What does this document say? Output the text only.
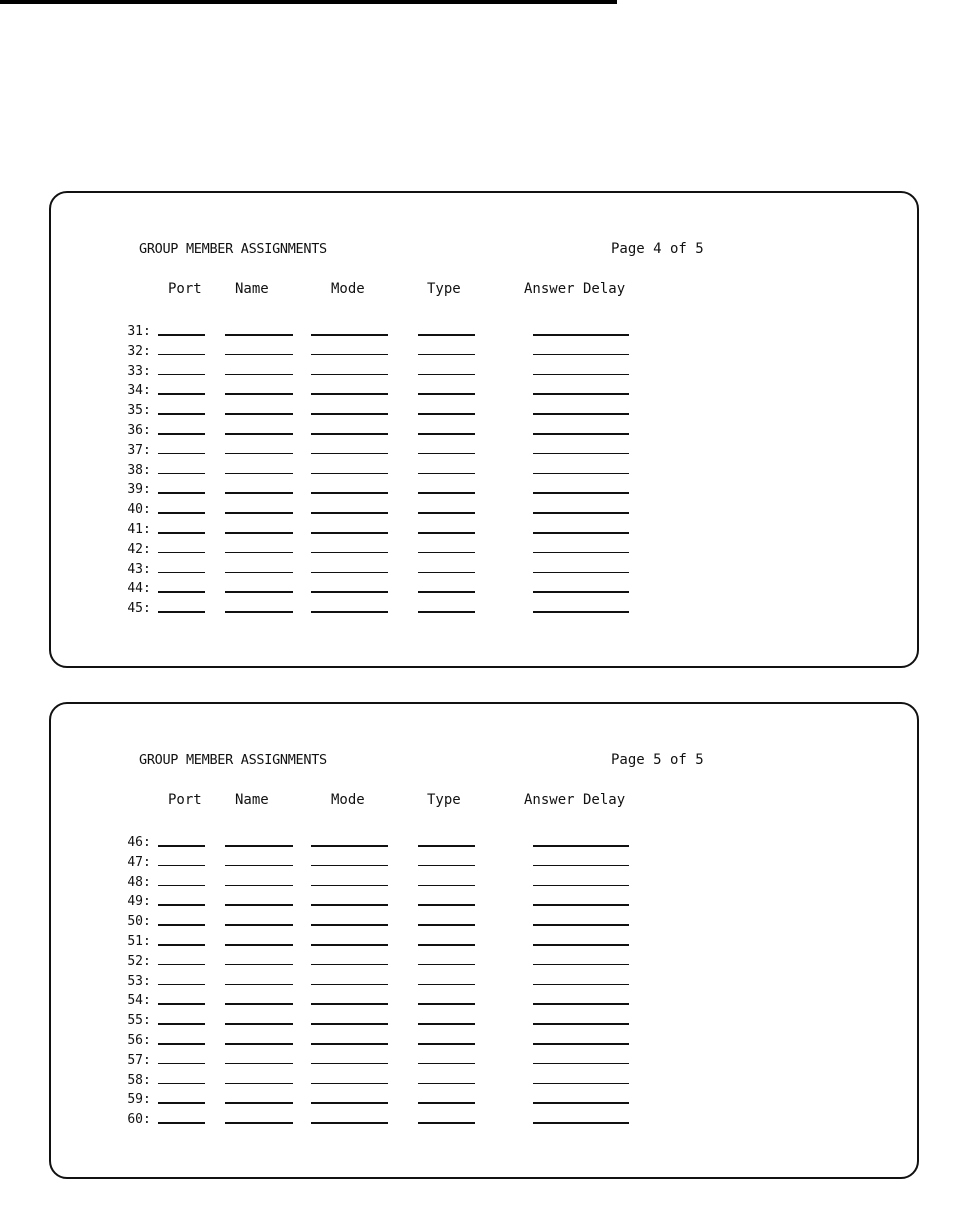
GROUP MEMBER ASSIGNMENTS	Page 4 of 5
Port Name	Mode	Type	Answer Delay
31 :
32 :
33 :
34 :
35 :
36 :
37 :
38 :
39 :
40 :
41 :
42 :
43 :
44 :
45 :
GROUP MEMBER ASSIGNMENTS	Page 5 of 5
Port Name	Mode	Type	Answer Delay
46 :
47 :
48 :
49 :
50 :
51 :
52 :
53 :
54 :
55 :
56 :
57 :
58 :
59 :
60 :
